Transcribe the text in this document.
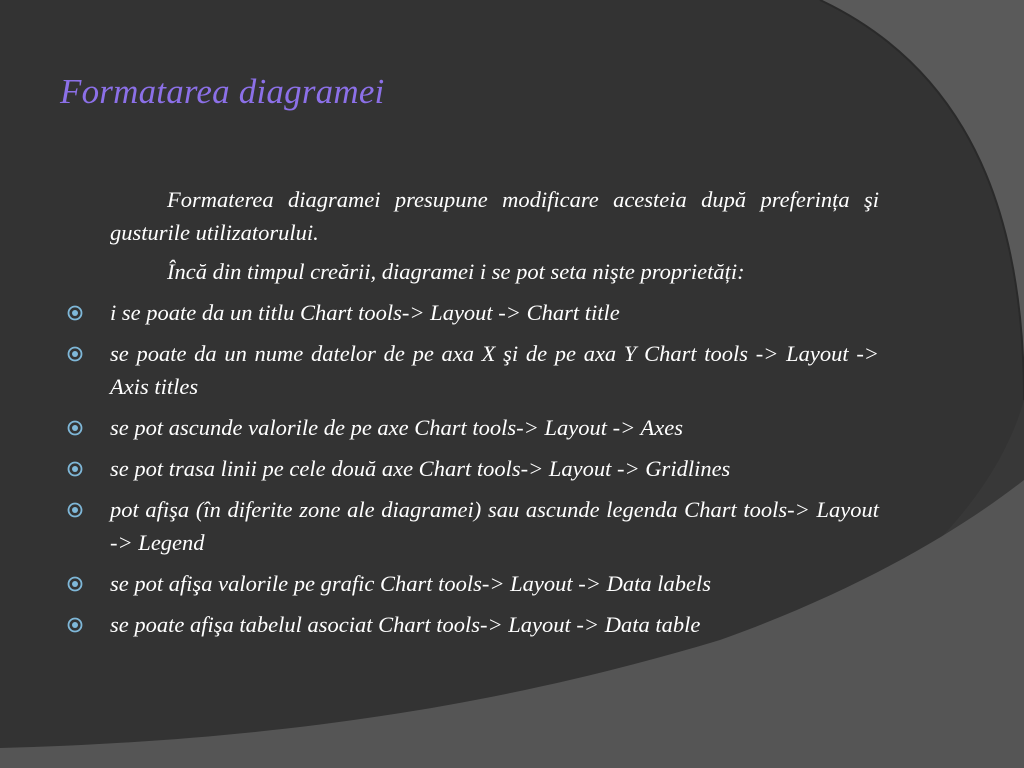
Formatarea diagramei

Formaterea diagramei presupune modificare acesteia după preferința şi gusturile utilizatorului.

Încă din timpul creării, diagramei i se pot seta nişte proprietăți:

i se poate da un titlu Chart tools-> Layout -> Chart title
se poate da un nume datelor de pe axa X şi de pe axa Y Chart tools -> Layout -> Axis titles
se pot ascunde valorile de pe axe Chart tools-> Layout -> Axes
se pot trasa linii pe cele două axe Chart tools-> Layout -> Gridlines
pot afişa (în diferite zone ale diagramei) sau ascunde legenda Chart tools-> Layout -> Legend
se pot afişa valorile pe grafic Chart tools-> Layout -> Data labels
se poate afişa tabelul asociat Chart tools-> Layout -> Data table
